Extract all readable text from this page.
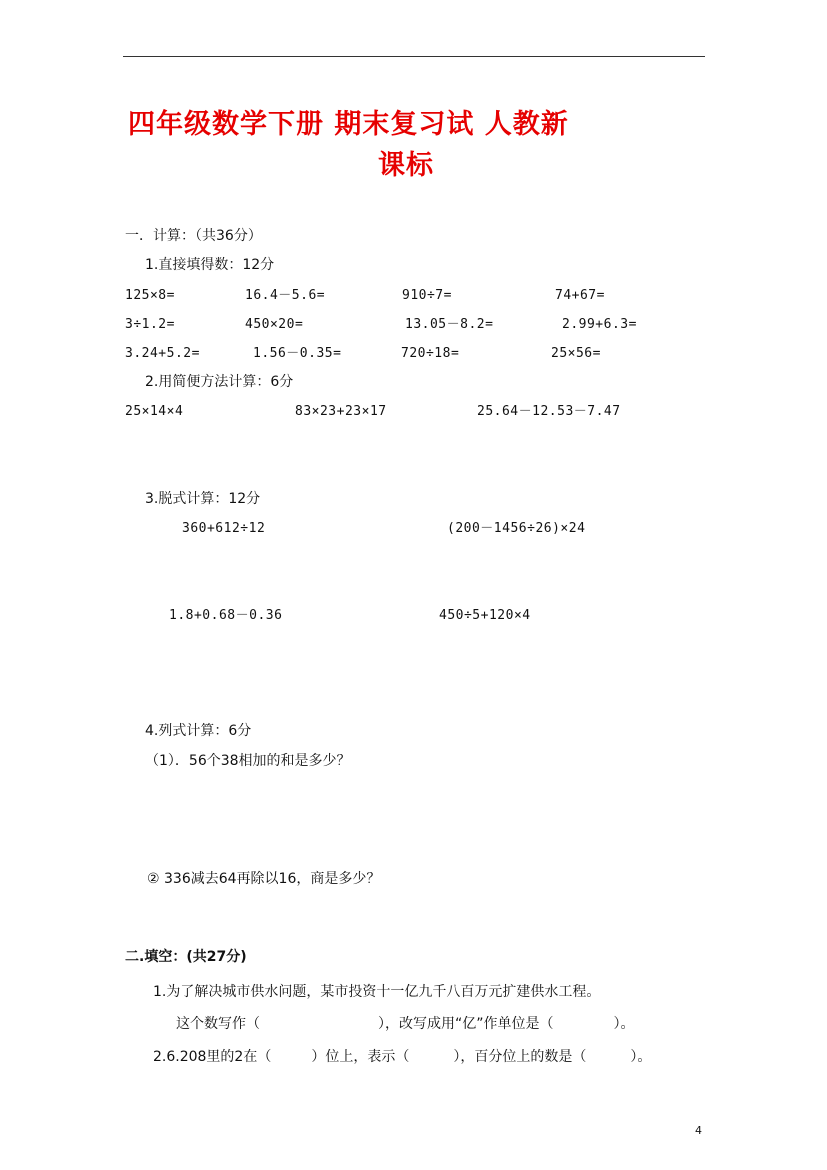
四年级数学下册 期末复习试 人教新
课标
一．计算：（共36分）
1.直接填得数：12分
125×8=	16.4－5.6=	910÷7=	74+67=
3÷1.2=	450×20=	13.05－8.2=	2.99+6.3=
3.24+5.2=	1.56－0.35=	720÷18=	25×56=
2.用简便方法计算：6分
25×14×4	83×23+23×17	25.64－12.53－7.47
3.脱式计算：12分
360+612÷12	(200－1456÷26)×24
1.8+0.68－0.36	450÷5+120×4
4.列式计算：6分
（1）．56个38相加的和是多少？
② 336减去64再除以16，商是多少？
二.填空：(共27分)
1.为了解决城市供水问题，某市投资十一亿九千八百万元扩建供水工程。
这个数写作（	），改写成用“亿”作单位是（	）。
2.6.208里的2在（	）位上，表示（	），百分位上的数是（	）。
4
